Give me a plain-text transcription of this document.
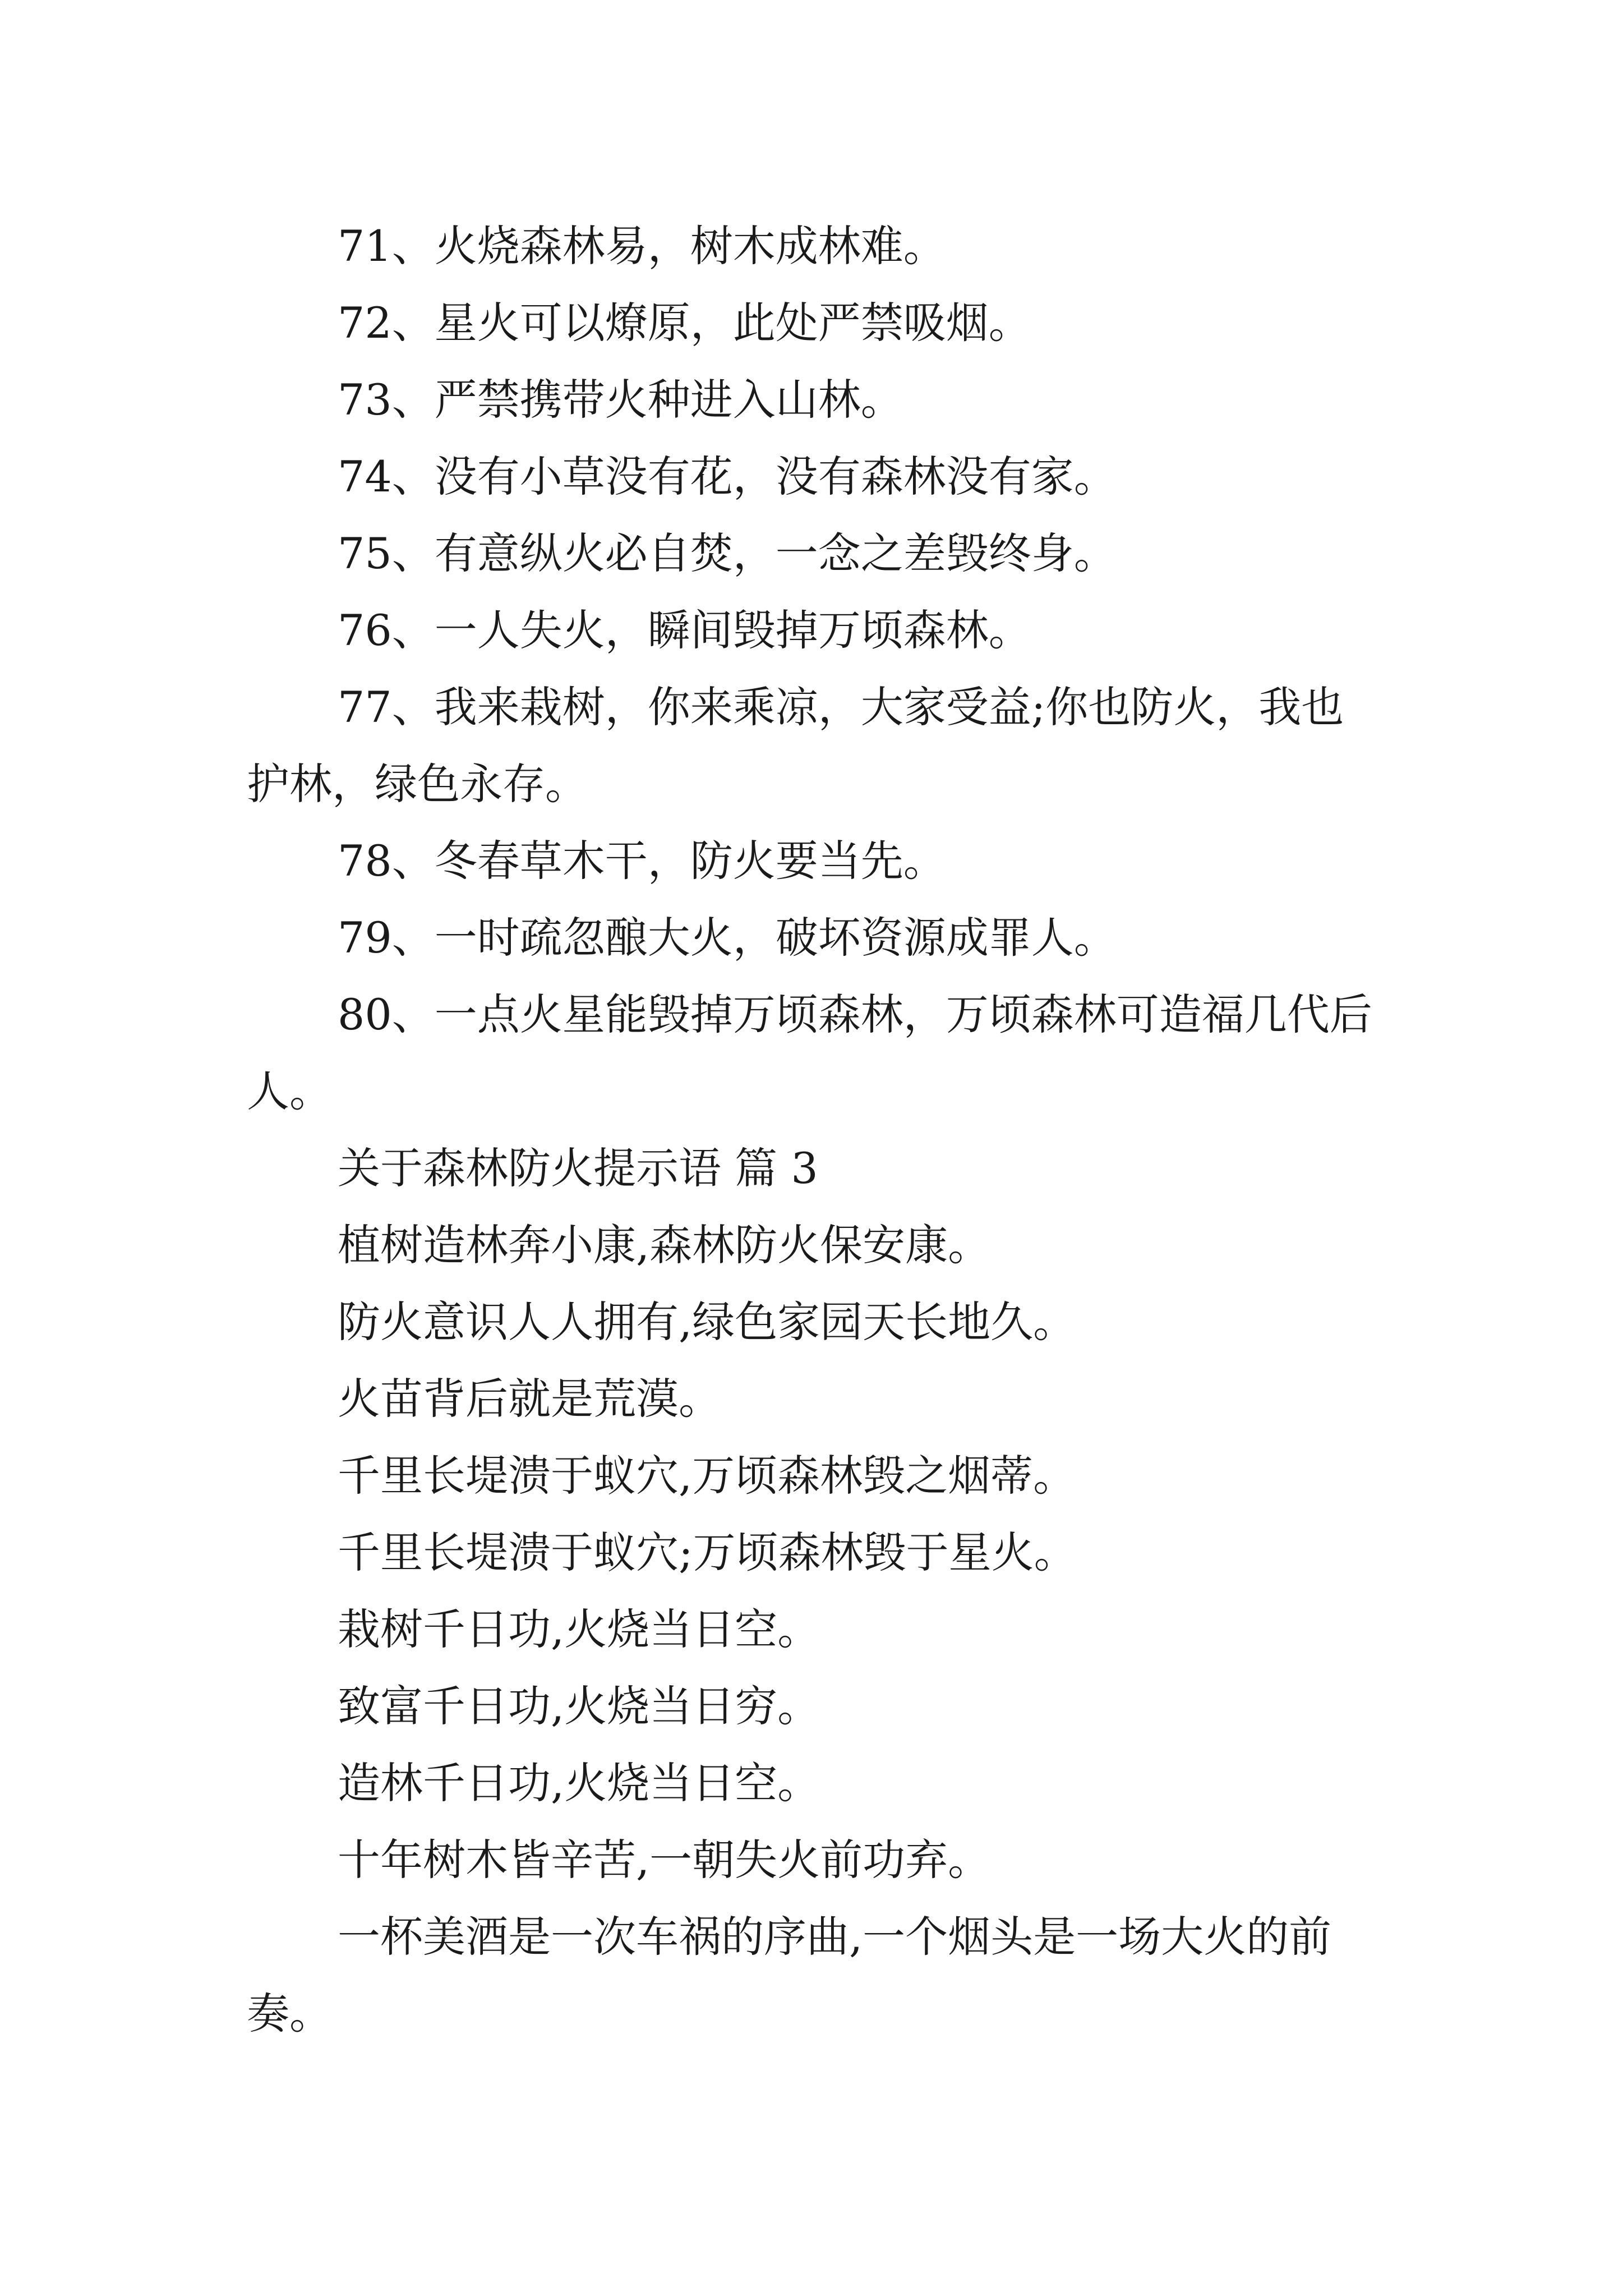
71、火烧森林易，树木成林难。

72、星火可以燎原，此处严禁吸烟。

73、严禁携带火种进入山林。

74、没有小草没有花，没有森林没有家。

75、有意纵火必自焚，一念之差毁终身。

76、一人失火，瞬间毁掉万顷森林。

77、我来栽树，你来乘凉，大家受益;你也防火，我也护林，绿色永存。

78、冬春草木干，防火要当先。

79、一时疏忽酿大火，破坏资源成罪人。

80、一点火星能毁掉万顷森林，万顷森林可造福几代后人。

关于森林防火提示语 篇 3

植树造林奔小康,森林防火保安康。

防火意识人人拥有,绿色家园天长地久。

火苗背后就是荒漠。

千里长堤溃于蚁穴,万顷森林毁之烟蒂。

千里长堤溃于蚁穴;万顷森林毁于星火。

栽树千日功,火烧当日空。

致富千日功,火烧当日穷。

造林千日功,火烧当日空。

十年树木皆辛苦,一朝失火前功弃。

一杯美酒是一次车祸的序曲,一个烟头是一场大火的前奏。
